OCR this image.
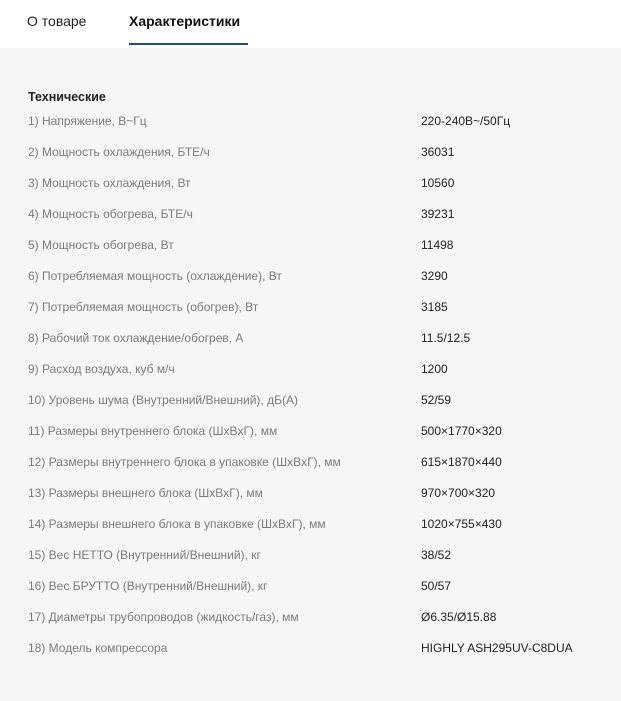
О товаре	Характеристики
Технические
1) Напряжение, В~Гц	220-240В~/50Гц
2) Мощность охлаждения, БТЕ/ч	36031
3) Мощность охлаждения, Вт	10560
4) Мощность обогрева, БТЕ/ч	39231
5) Мощность обогрева, Вт	11498
6) Потребляемая мощность (охлаждение), Вт	3290
7) Потребляемая мощность (обогрев), Вт	3185
8) Рабочий ток охлаждение/обогрев, А	11.5/12.5
9) Расход воздуха, куб м/ч	1200
10) Уровень шума (Внутренний/Внешний), дБ(А)	52/59
11) Размеры внутреннего блока (ШxВxГ), мм	500×1770×320
12) Размеры внутреннего блока в упаковке (ШxВxГ), мм	615×1870×440
13) Размеры внешнего блока (ШxВxГ), мм	970×700×320
14) Размеры внешнего блока в упаковке (ШxВxГ), мм	1020×755×430
15) Вес НЕТТО (Внутренний/Внешний), кг	38/52
16) Вес БРУТТО (Внутренний/Внешний), кг	50/57
17) Диаметры трубопроводов (жидкость/газ), мм	Ø6.35/Ø15.88
18) Модель компрессора	HIGHLY ASH295UV-C8DUA
